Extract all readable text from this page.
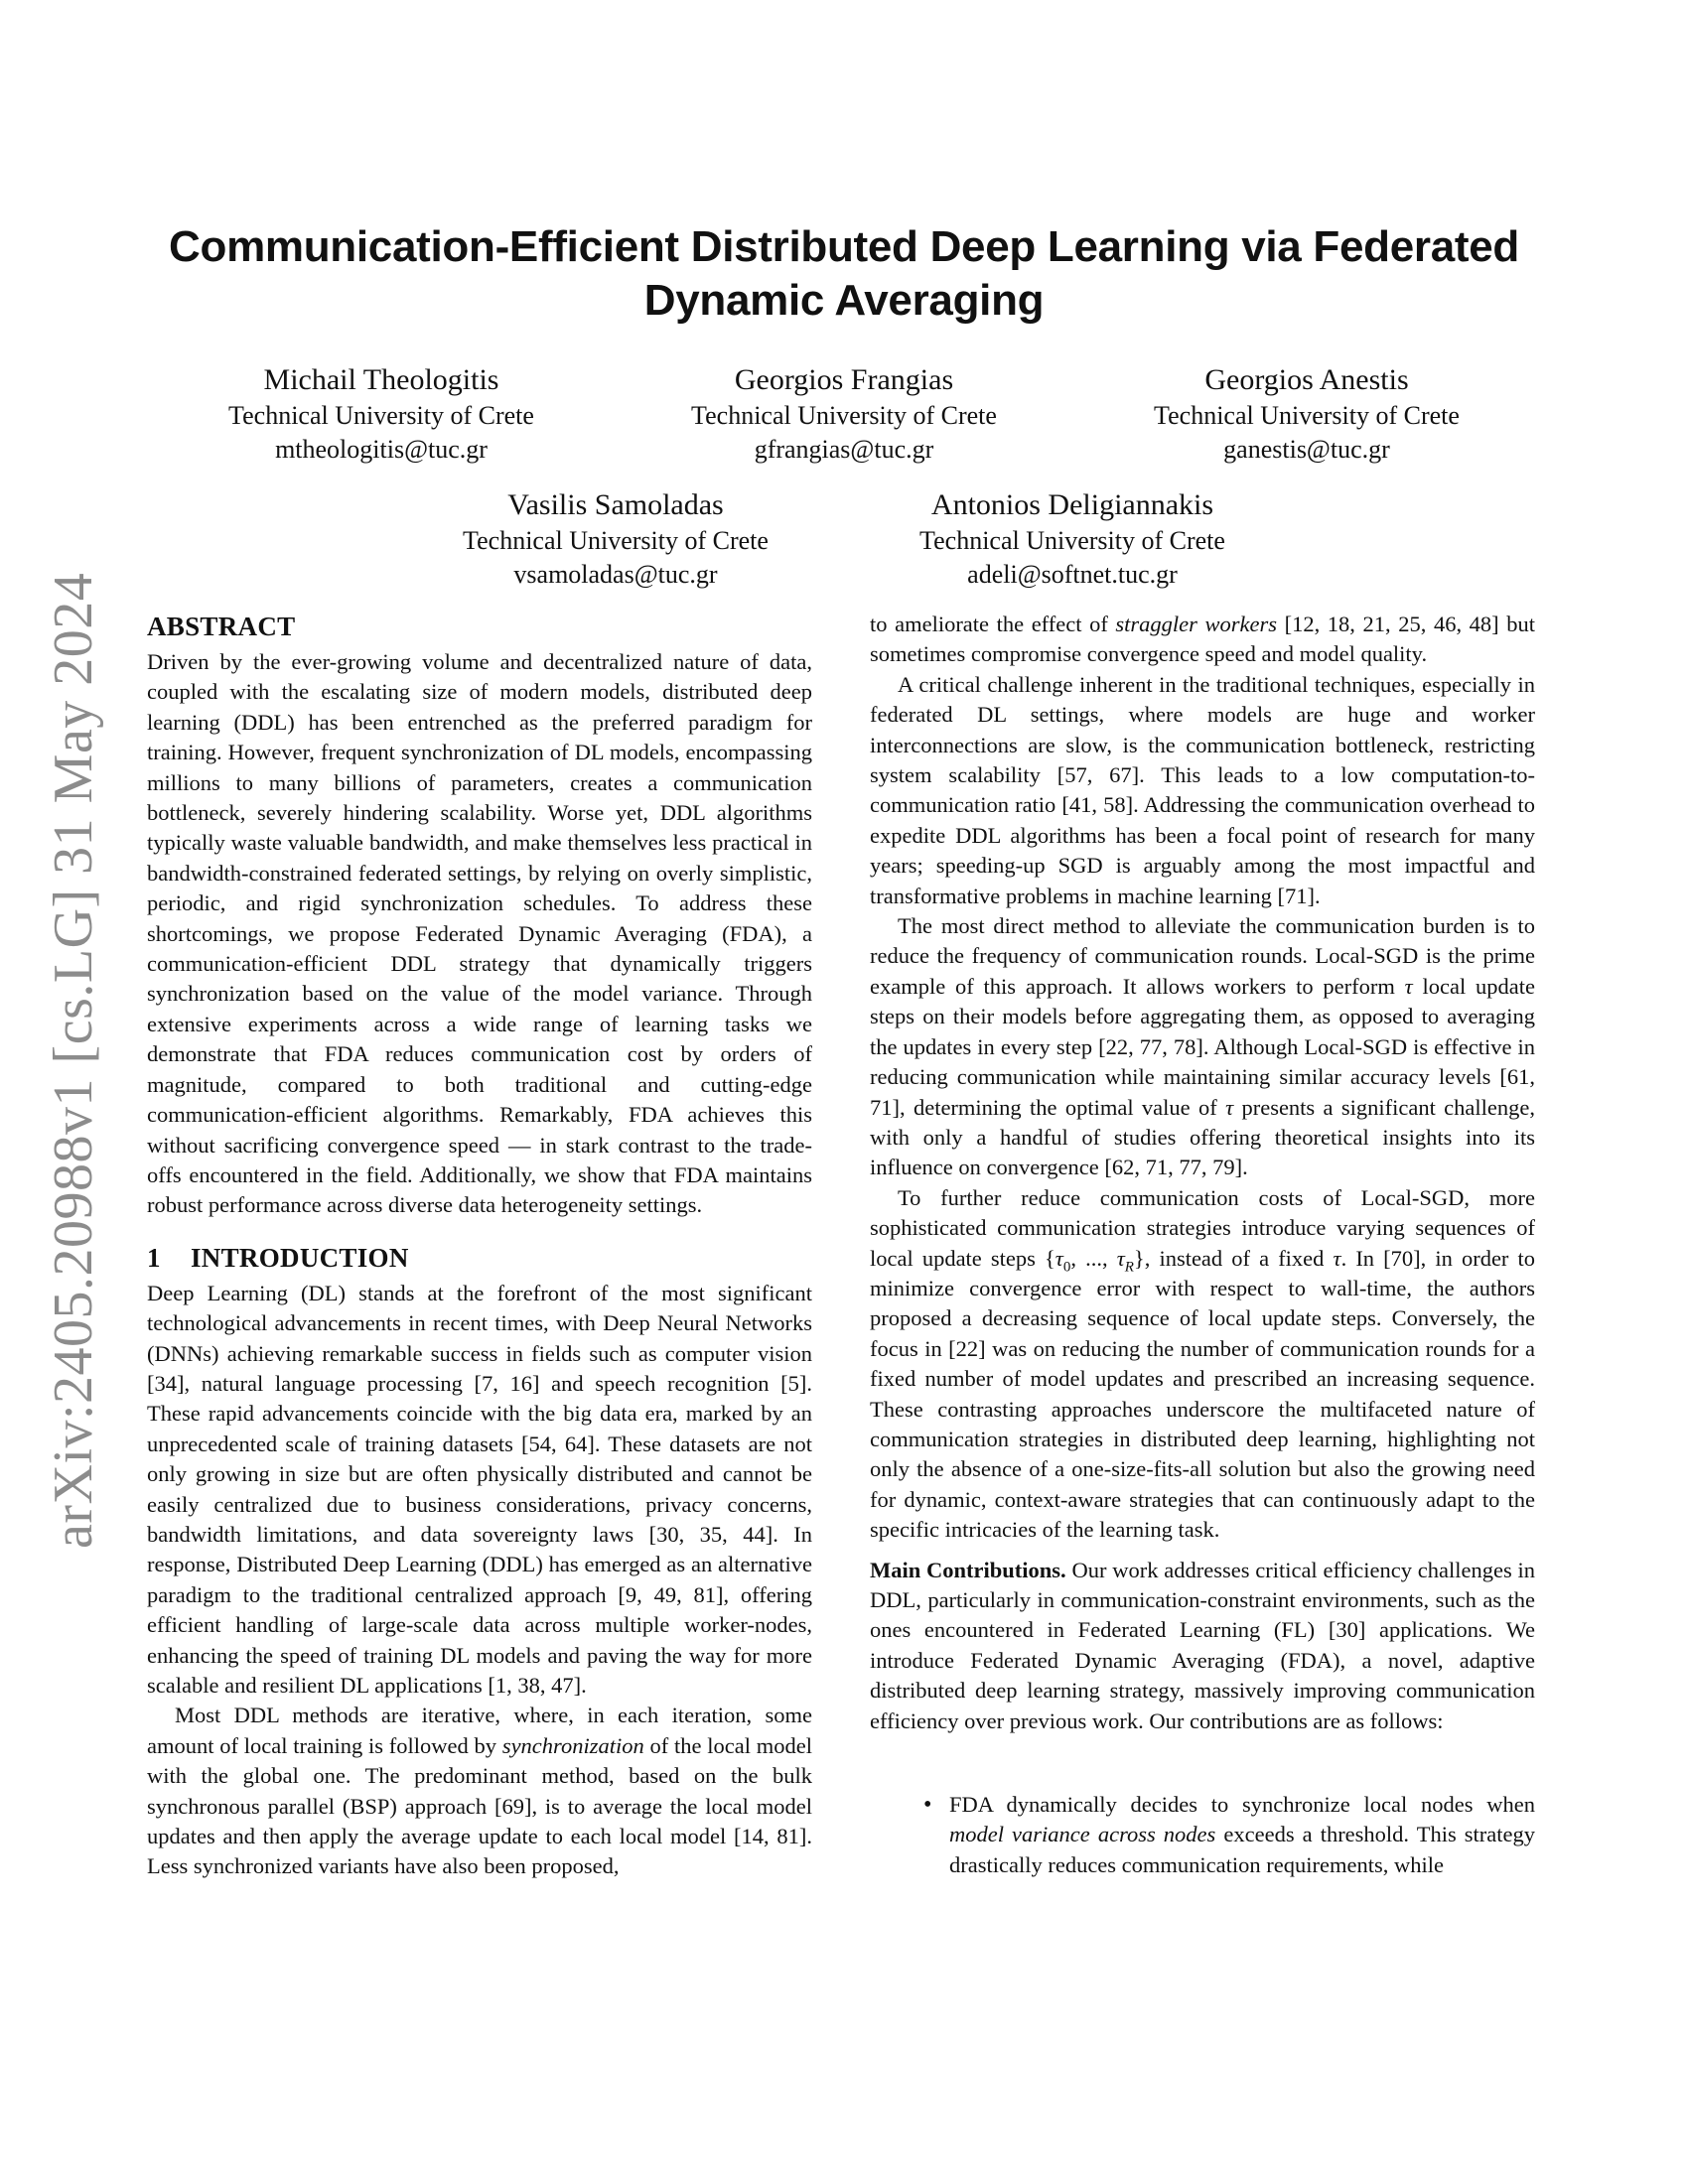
arXiv:2405.20988v1 [cs.LG] 31 May 2024
Communication-Efficient Distributed Deep Learning via Federated Dynamic Averaging
Michail Theologitis
Technical University of Crete
mtheologitis@tuc.gr
Georgios Frangias
Technical University of Crete
gfrangias@tuc.gr
Georgios Anestis
Technical University of Crete
ganestis@tuc.gr
Vasilis Samoladas
Technical University of Crete
vsamoladas@tuc.gr
Antonios Deligiannakis
Technical University of Crete
adeli@softnet.tuc.gr
ABSTRACT

Driven by the ever-growing volume and decentralized nature of data, coupled with the escalating size of modern models, distributed deep learning (DDL) has been entrenched as the preferred paradigm for training. However, frequent synchronization of DL models, encompassing millions to many billions of parameters, creates a communication bottleneck, severely hindering scalability. Worse yet, DDL algorithms typically waste valuable bandwidth, and make themselves less practical in bandwidth-constrained federated settings, by relying on overly simplistic, periodic, and rigid synchronization schedules. To address these shortcomings, we propose Federated Dynamic Averaging (FDA), a communication-efficient DDL strategy that dynamically triggers synchronization based on the value of the model variance. Through extensive experiments across a wide range of learning tasks we demonstrate that FDA reduces communication cost by orders of magnitude, compared to both traditional and cutting-edge communication-efficient algorithms. Remarkably, FDA achieves this without sacrificing convergence speed — in stark contrast to the trade-offs encountered in the field. Additionally, we show that FDA maintains robust performance across diverse data heterogeneity settings.

1 INTRODUCTION

Deep Learning (DL) stands at the forefront of the most significant technological advancements in recent times, with Deep Neural Networks (DNNs) achieving remarkable success in fields such as computer vision [34], natural language processing [7, 16] and speech recognition [5]. These rapid advancements coincide with the big data era, marked by an unprecedented scale of training datasets [54, 64]. These datasets are not only growing in size but are often physically distributed and cannot be easily centralized due to business considerations, privacy concerns, bandwidth limitations, and data sovereignty laws [30, 35, 44]. In response, Distributed Deep Learning (DDL) has emerged as an alternative paradigm to the traditional centralized approach [9, 49, 81], offering efficient handling of large-scale data across multiple worker-nodes, enhancing the speed of training DL models and paving the way for more scalable and resilient DL applications [1, 38, 47].

Most DDL methods are iterative, where, in each iteration, some amount of local training is followed by synchronization of the local model with the global one. The predominant method, based on the bulk synchronous parallel (BSP) approach [69], is to average the local model updates and then apply the average update to each local model [14, 81]. Less synchronized variants have also been proposed,

to ameliorate the effect of straggler workers [12, 18, 21, 25, 46, 48] but sometimes compromise convergence speed and model quality.

A critical challenge inherent in the traditional techniques, especially in federated DL settings, where models are huge and worker interconnections are slow, is the communication bottleneck, restricting system scalability [57, 67]. This leads to a low computation-to-communication ratio [41, 58]. Addressing the communication overhead to expedite DDL algorithms has been a focal point of research for many years; speeding-up SGD is arguably among the most impactful and transformative problems in machine learning [71].

The most direct method to alleviate the communication burden is to reduce the frequency of communication rounds. Local-SGD is the prime example of this approach. It allows workers to perform τ local update steps on their models before aggregating them, as opposed to averaging the updates in every step [22, 77, 78]. Although Local-SGD is effective in reducing communication while maintaining similar accuracy levels [61, 71], determining the optimal value of τ presents a significant challenge, with only a handful of studies offering theoretical insights into its influence on convergence [62, 71, 77, 79].

To further reduce communication costs of Local-SGD, more sophisticated communication strategies introduce varying sequences of local update steps {$\tau_0$, ..., $\tau_R$}, instead of a fixed τ. In [70], in order to minimize convergence error with respect to wall-time, the authors proposed a decreasing sequence of local update steps. Conversely, the focus in [22] was on reducing the number of communication rounds for a fixed number of model updates and prescribed an increasing sequence. These contrasting approaches underscore the multifaceted nature of communication strategies in distributed deep learning, highlighting not only the absence of a one-size-fits-all solution but also the growing need for dynamic, context-aware strategies that can continuously adapt to the specific intricacies of the learning task.

Main Contributions. Our work addresses critical efficiency challenges in DDL, particularly in communication-constraint environments, such as the ones encountered in Federated Learning (FL) [30] applications. We introduce Federated Dynamic Averaging (FDA), a novel, adaptive distributed deep learning strategy, massively improving communication efficiency over previous work. Our contributions are as follows:

• FDA dynamically decides to synchronize local nodes when model variance across nodes exceeds a threshold. This strategy drastically reduces communication requirements, while
